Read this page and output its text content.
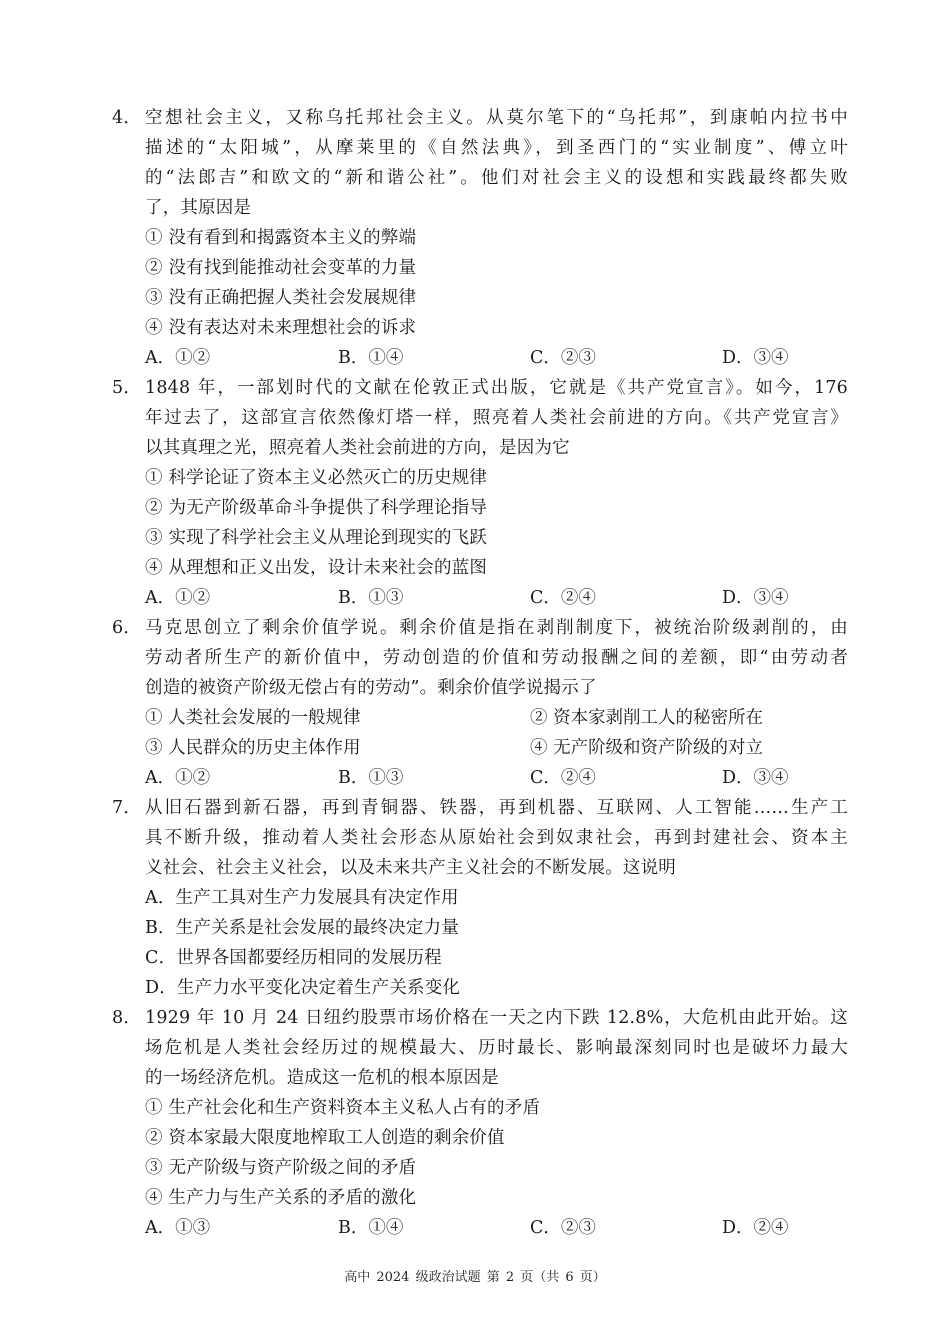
4． 空想社会主义，又称乌托邦社会主义。从莫尔笔下的“乌托邦”，到康帕内拉书中
描述的“太阳城”，从摩莱里的《自然法典》，到圣西门的“实业制度”、傅立叶
的“法郎吉”和欧文的“新和谐公社”。他们对社会主义的设想和实践最终都失败
了，其原因是
① 没有看到和揭露资本主义的弊端
② 没有找到能推动社会变革的力量
③ 没有正确把握人类社会发展规律
④ 没有表达对未来理想社会的诉求
A．①②	B．①④	C．②③	D．③④
5． 1848 年，一部划时代的文献在伦敦正式出版，它就是《共产党宣言》。如今，176
年过去了，这部宣言依然像灯塔一样，照亮着人类社会前进的方向。《共产党宣言》
以其真理之光，照亮着人类社会前进的方向，是因为它
① 科学论证了资本主义必然灭亡的历史规律
② 为无产阶级革命斗争提供了科学理论指导
③ 实现了科学社会主义从理论到现实的飞跃
④ 从理想和正义出发，设计未来社会的蓝图
A．①②	B．①③	C．②④	D．③④
6． 马克思创立了剩余价值学说。剩余价值是指在剥削制度下，被统治阶级剥削的，由
劳动者所生产的新价值中，劳动创造的价值和劳动报酬之间的差额，即“由劳动者
创造的被资产阶级无偿占有的劳动”。剩余价值学说揭示了
① 人类社会发展的一般规律	② 资本家剥削工人的秘密所在
③ 人民群众的历史主体作用	④ 无产阶级和资产阶级的对立
A．①②	B．①③	C．②④	D．③④
7． 从旧石器到新石器，再到青铜器、铁器，再到机器、互联网、人工智能……生产工
具不断升级，推动着人类社会形态从原始社会到奴隶社会，再到封建社会、资本主
义社会、社会主义社会，以及未来共产主义社会的不断发展。这说明
A．生产工具对生产力发展具有决定作用
B．生产关系是社会发展的最终决定力量
C．世界各国都要经历相同的发展历程
D．生产力水平变化决定着生产关系变化
8． 1929 年 10 月 24 日纽约股票市场价格在一天之内下跌 12.8%，大危机由此开始。这
场危机是人类社会经历过的规模最大、历时最长、影响最深刻同时也是破坏力最大
的一场经济危机。造成这一危机的根本原因是
① 生产社会化和生产资料资本主义私人占有的矛盾
② 资本家最大限度地榨取工人创造的剩余价值
③ 无产阶级与资产阶级之间的矛盾
④ 生产力与生产关系的矛盾的激化
A．①③	B．①④	C．②③	D．②④
高中 2024 级政治试题 第 2 页（共 6 页）
